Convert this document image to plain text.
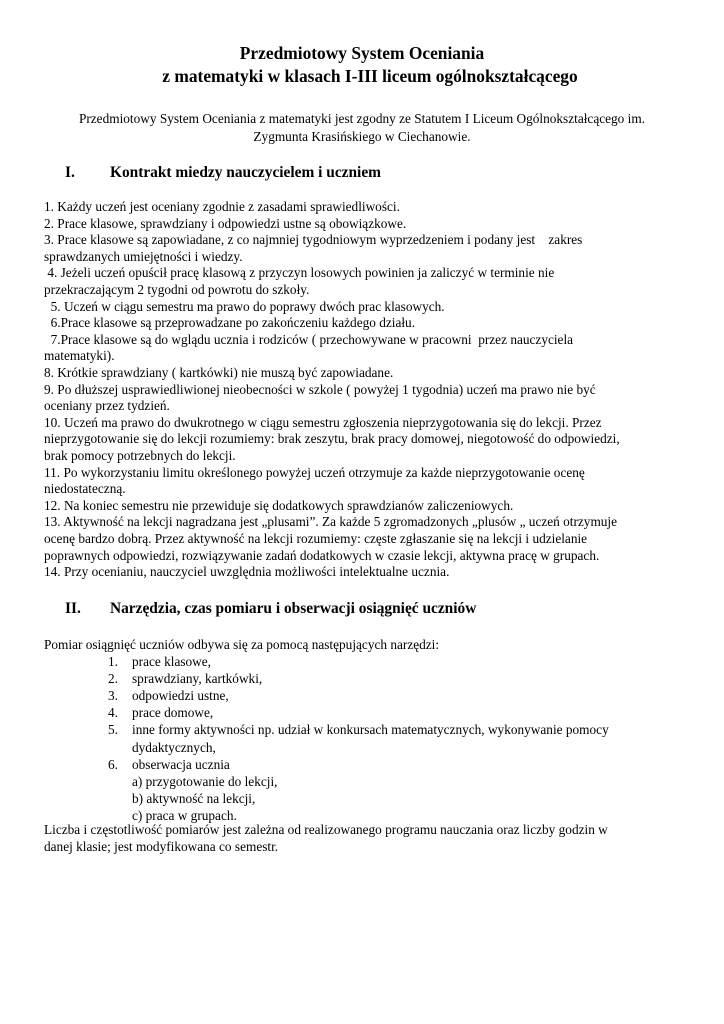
Przedmiotowy System Oceniania
z matematyki w klasach I-III liceum ogólnokształcącego
Przedmiotowy System Oceniania z matematyki jest zgodny ze Statutem I Liceum Ogólnokształcącego im.
Zygmunta Krasińskiego w Ciechanowie.
I. Kontrakt miedzy nauczycielem i uczniem
1. Każdy uczeń jest oceniany zgodnie z zasadami sprawiedliwości.
2. Prace klasowe, sprawdziany i odpowiedzi ustne są obowiązkowe.
3. Prace klasowe są zapowiadane, z co najmniej tygodniowym wyprzedzeniem i podany jest    zakres
sprawdzanych umiejętności i wiedzy.
4. Jeżeli uczeń opuścił pracę klasową z przyczyn losowych powinien ja zaliczyć w terminie nie
przekraczającym 2 tygodni od powrotu do szkoły.
5. Uczeń w ciągu semestru ma prawo do poprawy dwóch prac klasowych.
6.Prace klasowe są przeprowadzane po zakończeniu każdego działu.
7.Prace klasowe są do wglądu ucznia i rodziców ( przechowywane w pracowni  przez nauczyciela
matematyki).
8. Krótkie sprawdziany ( kartkówki) nie muszą być zapowiadane.
9. Po dłuższej usprawiedliwionej nieobecności w szkole ( powyżej 1 tygodnia) uczeń ma prawo nie być
oceniany przez tydzień.
10. Uczeń ma prawo do dwukrotnego w ciągu semestru zgłoszenia nieprzygotowania się do lekcji. Przez
nieprzygotowanie się do lekcji rozumiemy: brak zeszytu, brak pracy domowej, niegotowość do odpowiedzi,
brak pomocy potrzebnych do lekcji.
11. Po wykorzystaniu limitu określonego powyżej uczeń otrzymuje za każde nieprzygotowanie ocenę
niedostateczną.
12. Na koniec semestru nie przewiduje się dodatkowych sprawdzianów zaliczeniowych.
13. Aktywność na lekcji nagradzana jest „plusami”. Za każde 5 zgromadzonych „plusów „ uczeń otrzymuje
ocenę bardzo dobrą. Przez aktywność na lekcji rozumiemy: częste zgłaszanie się na lekcji i udzielanie
poprawnych odpowiedzi, rozwiązywanie zadań dodatkowych w czasie lekcji, aktywna pracę w grupach.
14. Przy ocenianiu, nauczyciel uwzględnia możliwości intelektualne ucznia.
II. Narzędzia, czas pomiaru i obserwacji osiągnięć uczniów
Pomiar osiągnięć uczniów odbywa się za pomocą następujących narzędzi:
1. prace klasowe,
2. sprawdziany, kartkówki,
3. odpowiedzi ustne,
4. prace domowe,
5. inne formy aktywności np. udział w konkursach matematycznych, wykonywanie pomocy
dydaktycznych,
6. obserwacja ucznia
a) przygotowanie do lekcji,
b) aktywność na lekcji,
c) praca w grupach.
Liczba i częstotliwość pomiarów jest zależna od realizowanego programu nauczania oraz liczby godzin w
danej klasie; jest modyfikowana co semestr.
